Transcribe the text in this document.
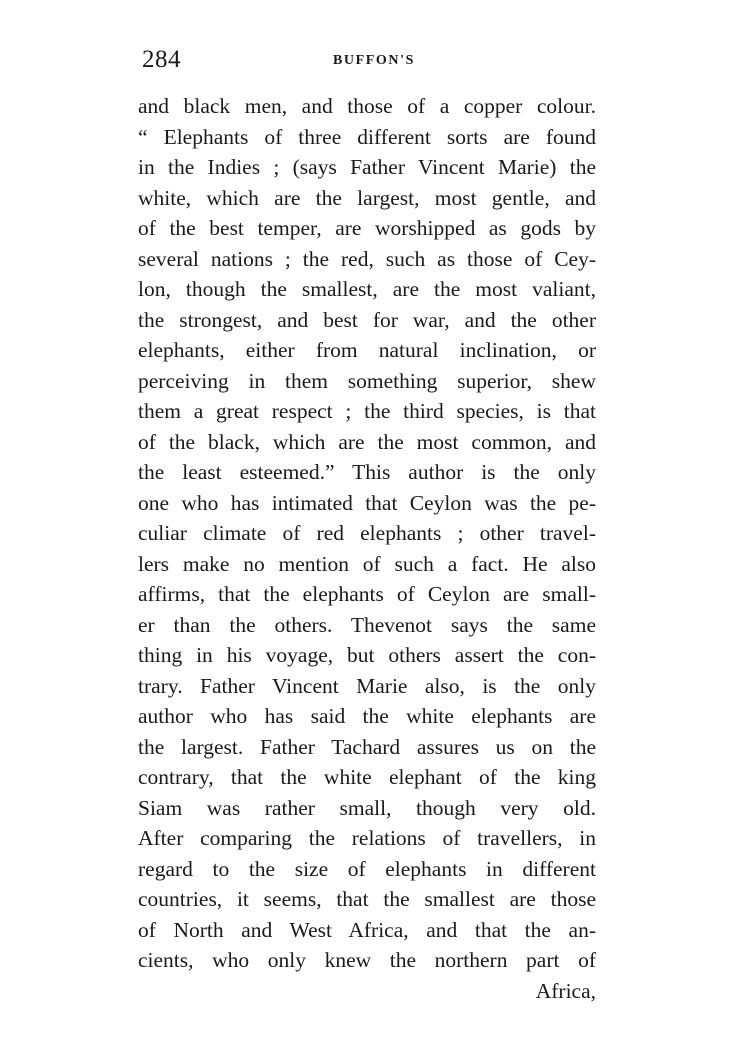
284	BUFFON'S
and black men, and those of a copper colour.
“ Elephants of three different sorts are found
in the Indies ; (says Father Vincent Marie) the
white, which are the largest, most gentle, and
of the best temper, are worshipped as gods by
several nations ; the red, such as those of Cey-
lon, though the smallest, are the most valiant,
the strongest, and best for war, and the other
elephants, either from natural inclination, or
perceiving in them something superior, shew
them a great respect ; the third species, is that
of the black, which are the most common, and
the least esteemed.” This author is the only
one who has intimated that Ceylon was the pe-
culiar climate of red elephants ; other travel-
lers make no mention of such a fact. He also
affirms, that the elephants of Ceylon are small-
er than the others. Thevenot says the same
thing in his voyage, but others assert the con-
trary. Father Vincent Marie also, is the only
author who has said the white elephants are
the largest. Father Tachard assures us on the
contrary, that the white elephant of the king
Siam was rather small, though very old.
After comparing the relations of travellers, in
regard to the size of elephants in different
countries, it seems, that the smallest are those
of North and West Africa, and that the an-
cients, who only knew the northern part of
Africa,
